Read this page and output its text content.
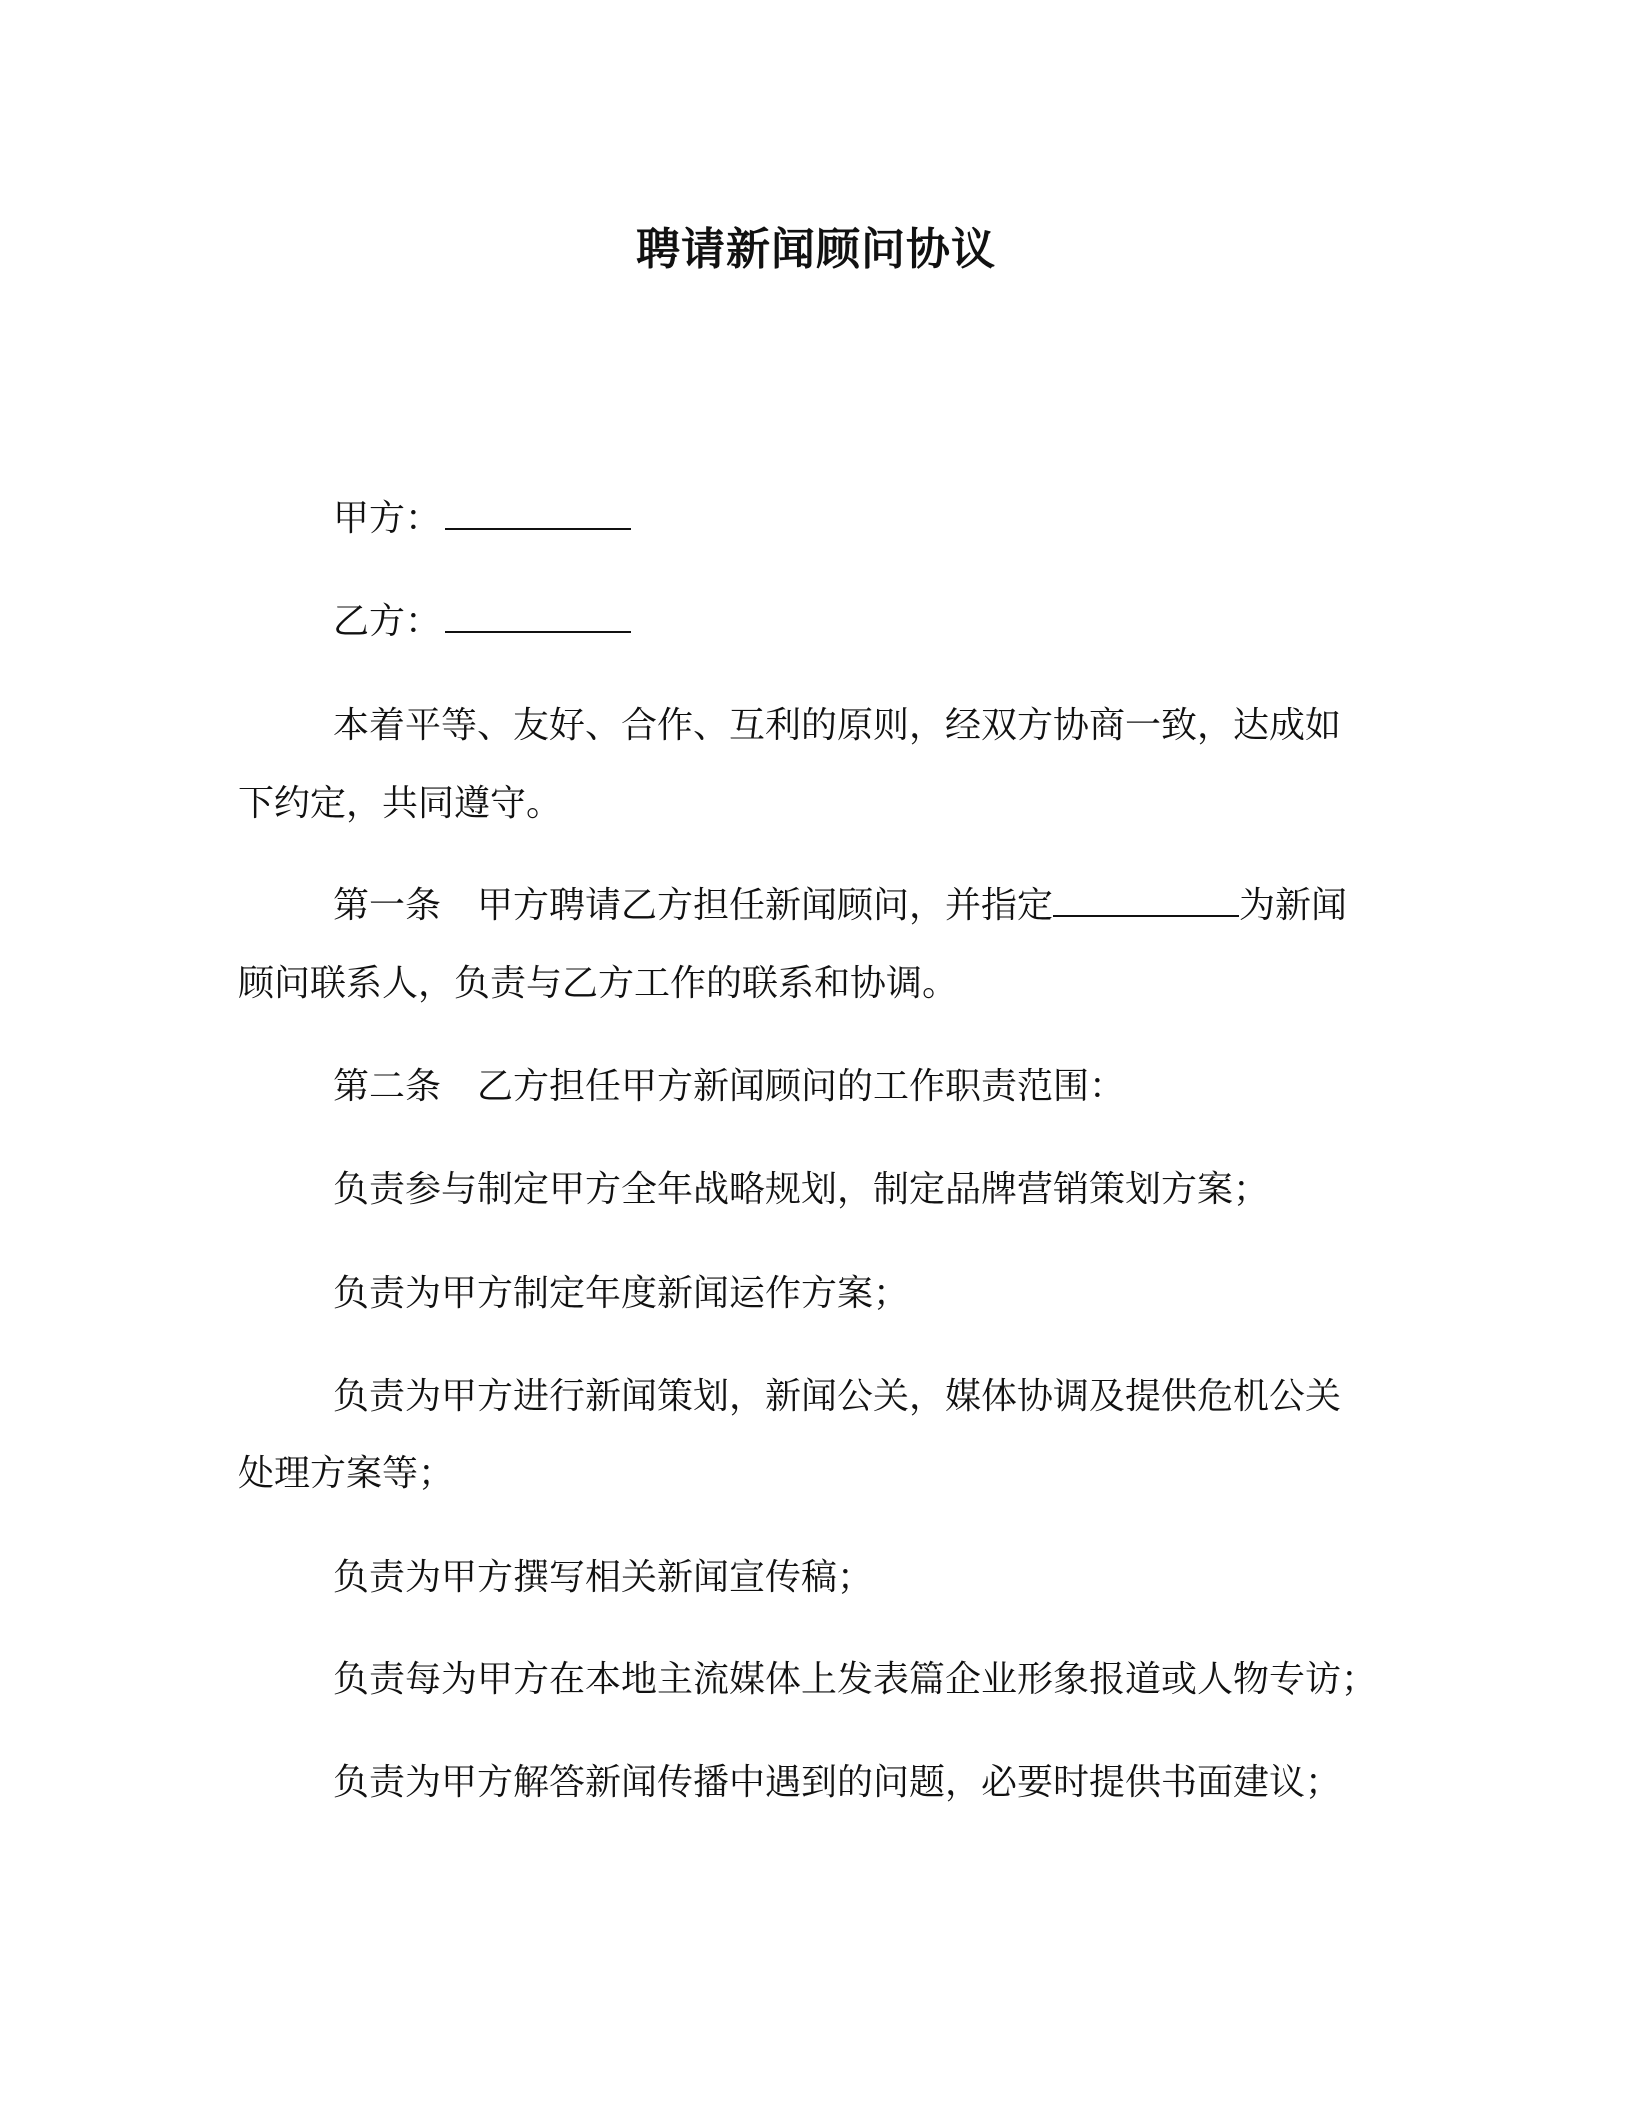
聘请新闻顾问协议
甲方：
乙方：
本着平等、友好、合作、互利的原则，经双方协商一致，达成如
下约定，共同遵守。
第一条 甲方聘请乙方担任新闻顾问，并指定	为新闻
顾问联系人，负责与乙方工作的联系和协调。
第二条 乙方担任甲方新闻顾问的工作职责范围：
负责参与制定甲方全年战略规划，制定品牌营销策划方案；
负责为甲方制定年度新闻运作方案；
负责为甲方进行新闻策划，新闻公关，媒体协调及提供危机公关
处理方案等；
负责为甲方撰写相关新闻宣传稿；
负责每为甲方在本地主流媒体上发表篇企业形象报道或人物专访；
负责为甲方解答新闻传播中遇到的问题，必要时提供书面建议；
